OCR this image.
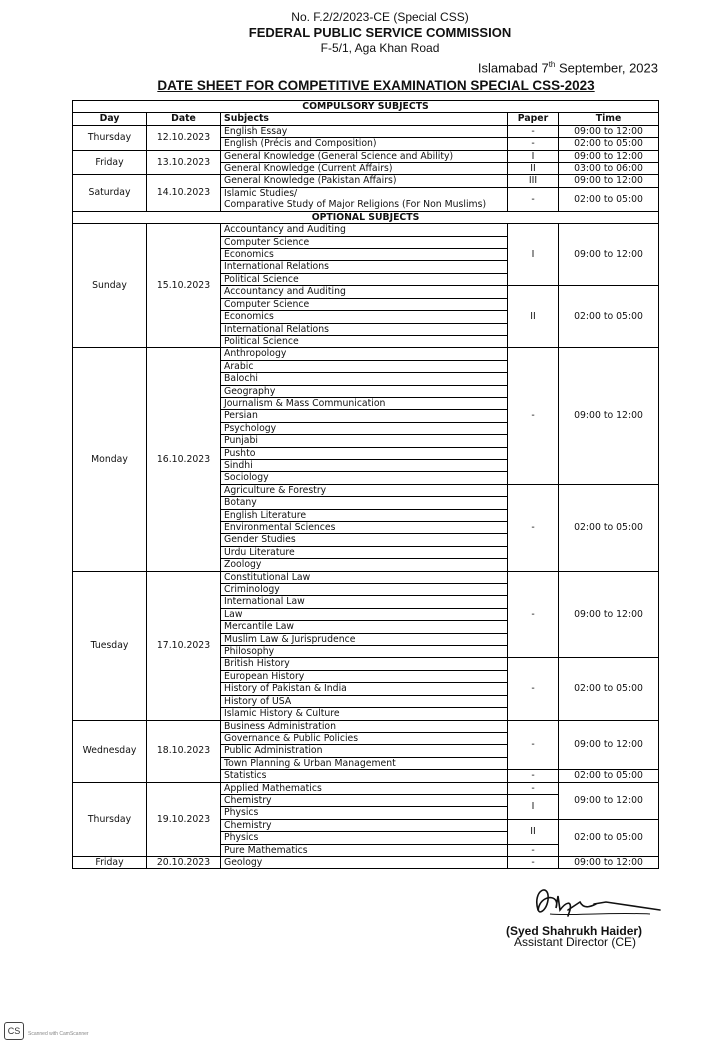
No. F.2/2/2023-CE (Special CSS)
FEDERAL PUBLIC SERVICE COMMISSION
F-5/1, Aga Khan Road
Islamabad 7th September, 2023
DATE SHEET FOR COMPETITIVE EXAMINATION SPECIAL CSS-2023
COMPULSORY SUBJECTS				
Day	Date	Subjects	Paper	Time
Thursday	12.10.2023	English Essay	-	09:00 to 12:00
		English (Précis and Composition)	-	02:00 to 05:00
Friday	13.10.2023	General Knowledge (General Science and Ability)	I	09:00 to 12:00
		General Knowledge (Current Affairs)	II	03:00 to 06:00
Saturday	14.10.2023	General Knowledge (Pakistan Affairs)	III	09:00 to 12:00

		Islamic Studies/
Comparative Study of Major Religions (For Non Muslims)	-	02:00 to 05:00
OPTIONAL SUBJECTS				
Sunday	15.10.2023	Accountancy and Auditing	I	09:00 to 12:00
		Computer Science		
		Economics		
		International Relations		
		Political Science		
		Accountancy and Auditing	II	02:00 to 05:00
		Computer Science		
		Economics		
		International Relations		
		Political Science		
Monday	16.10.2023	Anthropology	-	09:00 to 12:00
		Arabic		
		Balochi		
		Geography		
		Journalism & Mass Communication		
		Persian		
		Psychology		
		Punjabi		
		Pushto		
		Sindhi		
		Sociology		
		Agriculture & Forestry	-	02:00 to 05:00
		Botany		
		English Literature		
		Environmental Sciences		
		Gender Studies		
		Urdu Literature		
		Zoology		
Tuesday	17.10.2023	Constitutional Law	-	09:00 to 12:00
		Criminology		
		International Law		
		Law		
		Mercantile Law		
		Muslim Law & Jurisprudence		
		Philosophy		
		British History	-	02:00 to 05:00
		European History		
		History of Pakistan & India		
		History of USA		
		Islamic History & Culture		
Wednesday	18.10.2023	Business Administration	-	09:00 to 12:00
		Governance & Public Policies		
		Public Administration		
		Town Planning & Urban Management		
		Statistics	-	02:00 to 05:00
Thursday	19.10.2023	Applied Mathematics	-	09:00 to 12:00
		Chemistry	I	
		Physics		
		Chemistry	II	02:00 to 05:00
		Physics		
		Pure Mathematics	-	
Friday	20.10.2023	Geology	-	09:00 to 12:00
(Syed Shahrukh Haider)
Assistant Director (CE)
CS	Scanned with CamScanner
